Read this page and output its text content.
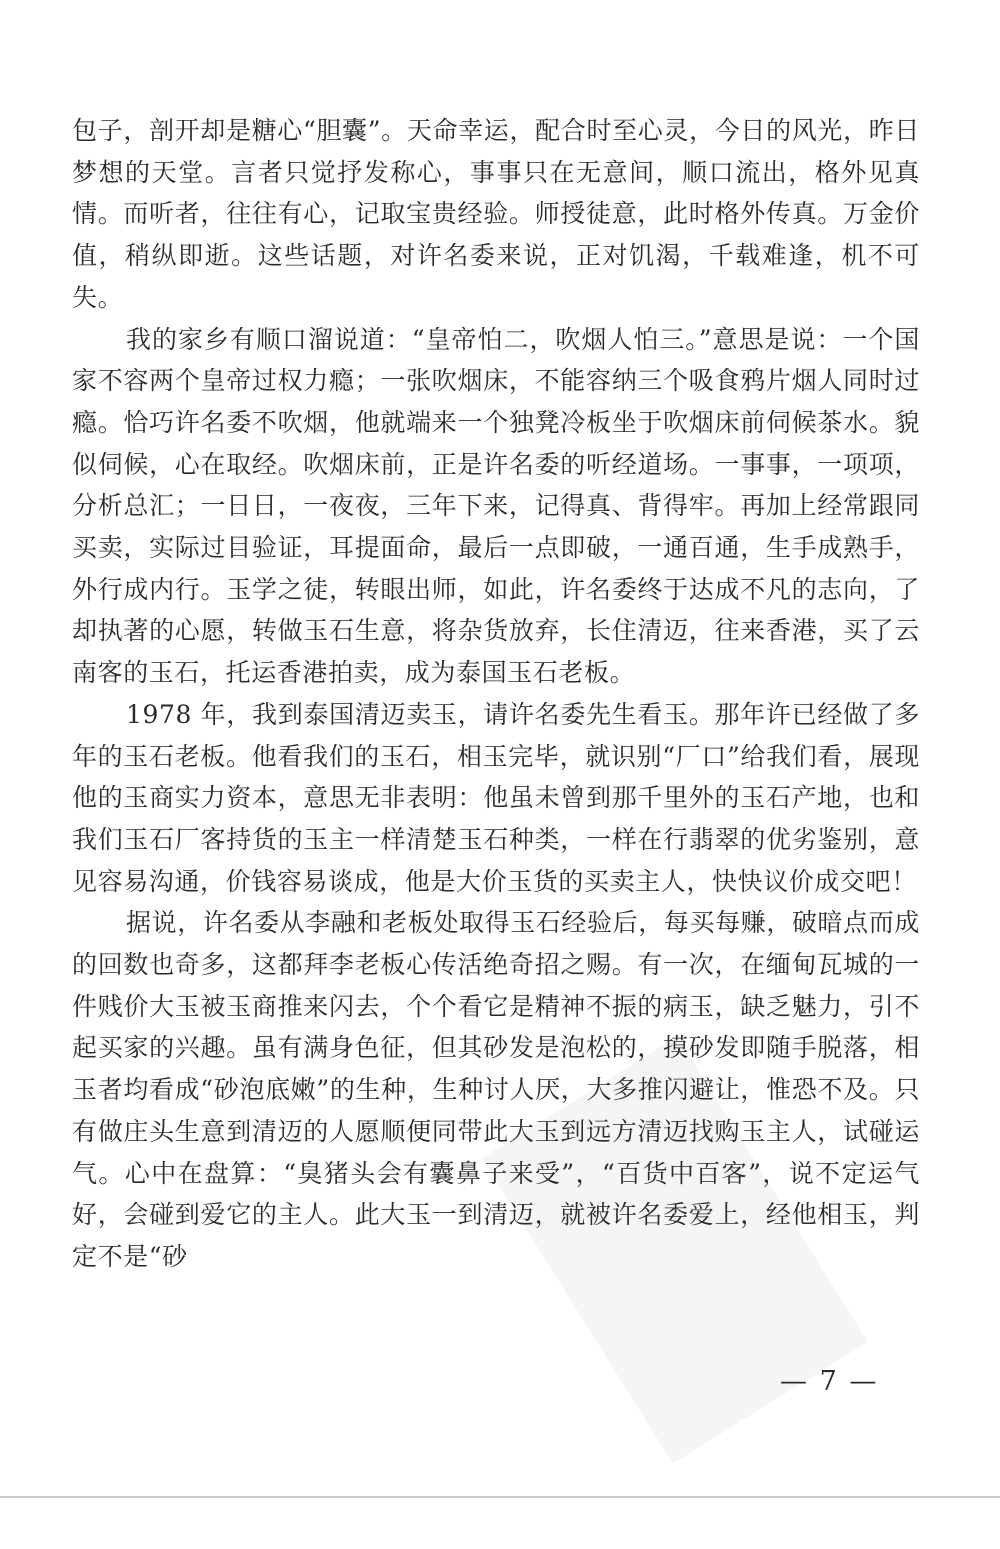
包子，剖开却是糖心“胆囊”。天命幸运，配合时至心灵，今日的风光，昨日梦想的天堂。言者只觉抒发称心，事事只在无意间，顺口流出，格外见真情。而听者，往往有心，记取宝贵经验。师授徒意，此时格外传真。万金价值，稍纵即逝。这些话题，对许名委来说，正对饥渴，千载难逢，机不可失。

我的家乡有顺口溜说道：“皇帝怕二，吹烟人怕三。”意思是说：一个国家不容两个皇帝过权力瘾；一张吹烟床，不能容纳三个吸食鸦片烟人同时过瘾。恰巧许名委不吹烟，他就端来一个独凳冷板坐于吹烟床前伺候茶水。貌似伺候，心在取经。吹烟床前，正是许名委的听经道场。一事事，一项项，分析总汇；一日日，一夜夜，三年下来，记得真、背得牢。再加上经常跟同买卖，实际过目验证，耳提面命，最后一点即破，一通百通，生手成熟手，外行成内行。玉学之徒，转眼出师，如此，许名委终于达成不凡的志向，了却执著的心愿，转做玉石生意，将杂货放弃，长住清迈，往来香港，买了云南客的玉石，托运香港拍卖，成为泰国玉石老板。

1978 年，我到泰国清迈卖玉，请许名委先生看玉。那年许已经做了多年的玉石老板。他看我们的玉石，相玉完毕，就识别“厂口”给我们看，展现他的玉商实力资本，意思无非表明：他虽未曾到那千里外的玉石产地，也和我们玉石厂客持货的玉主一样清楚玉石种类，一样在行翡翠的优劣鉴别，意见容易沟通，价钱容易谈成，他是大价玉货的买卖主人，快快议价成交吧！

据说，许名委从李融和老板处取得玉石经验后，每买每赚，破暗点而成的回数也奇多，这都拜李老板心传活绝奇招之赐。有一次，在缅甸瓦城的一件贱价大玉被玉商推来闪去，个个看它是精神不振的病玉，缺乏魅力，引不起买家的兴趣。虽有满身色征，但其砂发是泡松的，摸砂发即随手脱落，相玉者均看成“砂泡底嫩”的生种，生种讨人厌，大多推闪避让，惟恐不及。只有做庄头生意到清迈的人愿顺便同带此大玉到远方清迈找购玉主人，试碰运气。心中在盘算：“臭猪头会有囊鼻子来受”，“百货中百客”，说不定运气好，会碰到爱它的主人。此大玉一到清迈，就被许名委爱上，经他相玉，判定不是“砂

— 7 —
